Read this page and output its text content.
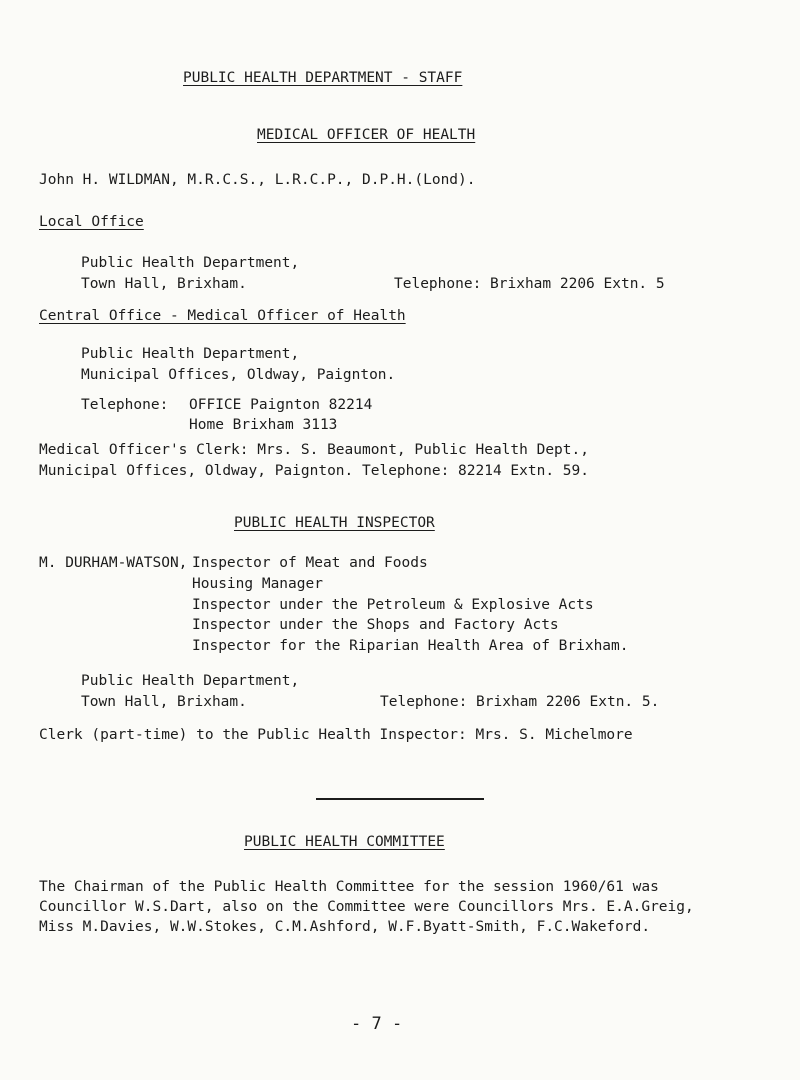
PUBLIC HEALTH DEPARTMENT - STAFF
MEDICAL OFFICER OF HEALTH
John H. WILDMAN, M.R.C.S., L.R.C.P., D.P.H.(Lond).
Local Office
Public Health Department,
Town Hall, Brixham.	Telephone: Brixham 2206 Extn. 5
Central Office - Medical Officer of Health
Public Health Department,
Municipal Offices, Oldway, Paignton.
Telephone: OFFICE Paignton 82214
Home Brixham 3113
Medical Officer's Clerk: Mrs. S. Beaumont, Public Health Dept.,
Municipal Offices, Oldway, Paignton. Telephone: 82214 Extn. 59.
PUBLIC HEALTH INSPECTOR
M. DURHAM-WATSON, Inspector of Meat and Foods
Housing Manager
Inspector under the Petroleum & Explosive Acts
Inspector under the Shops and Factory Acts
Inspector for the Riparian Health Area of Brixham.
Public Health Department,
Town Hall, Brixham.	Telephone: Brixham 2206 Extn. 5.
Clerk (part-time) to the Public Health Inspector: Mrs. S. Michelmore
PUBLIC HEALTH COMMITTEE
The Chairman of the Public Health Committee for the session 1960/61 was
Councillor W.S.Dart, also on the Committee were Councillors Mrs. E.A.Greig,
Miss M.Davies, W.W.Stokes, C.M.Ashford, W.F.Byatt-Smith, F.C.Wakeford.
- 7 -
